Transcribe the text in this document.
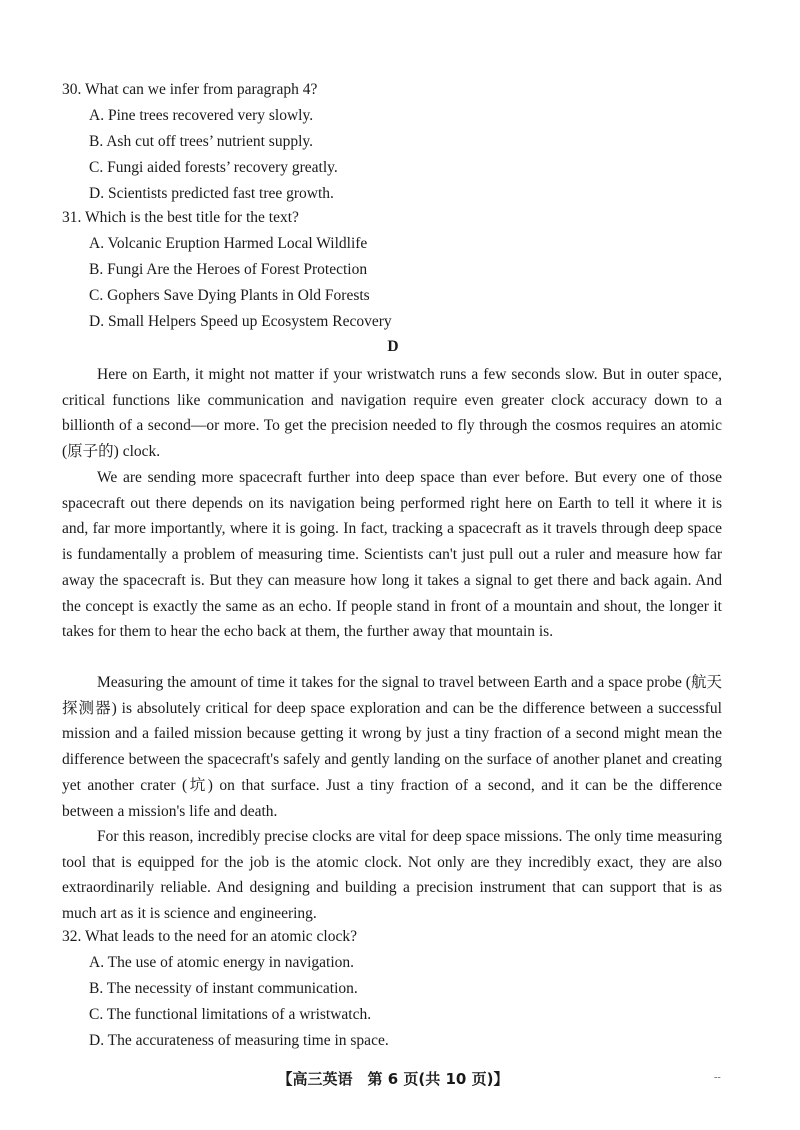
30. What can we infer from paragraph 4?
A. Pine trees recovered very slowly.
B. Ash cut off trees’ nutrient supply.
C. Fungi aided forests’ recovery greatly.
D. Scientists predicted fast tree growth.
31. Which is the best title for the text?
A. Volcanic Eruption Harmed Local Wildlife
B. Fungi Are the Heroes of Forest Protection
C. Gophers Save Dying Plants in Old Forests
D. Small Helpers Speed up Ecosystem Recovery
D
Here on Earth, it might not matter if your wristwatch runs a few seconds slow. But in outer space, critical functions like communication and navigation require even greater clock accuracy down to a billionth of a second—or more. To get the precision needed to fly through the cosmos requires an atomic (原子的) clock.
We are sending more spacecraft further into deep space than ever before. But every one of those spacecraft out there depends on its navigation being performed right here on Earth to tell it where it is and, far more importantly, where it is going. In fact, tracking a spacecraft as it travels through deep space is fundamentally a problem of measuring time. Scientists can't just pull out a ruler and measure how far away the spacecraft is. But they can measure how long it takes a signal to get there and back again. And the concept is exactly the same as an echo. If people stand in front of a mountain and shout, the longer it takes for them to hear the echo back at them, the further away that mountain is.
Measuring the amount of time it takes for the signal to travel between Earth and a space probe (航天探测器) is absolutely critical for deep space exploration and can be the difference between a successful mission and a failed mission because getting it wrong by just a tiny fraction of a second might mean the difference between the spacecraft's safely and gently landing on the surface of another planet and creating yet another crater (坑) on that surface. Just a tiny fraction of a second, and it can be the difference between a mission's life and death.
For this reason, incredibly precise clocks are vital for deep space missions. The only time measuring tool that is equipped for the job is the atomic clock. Not only are they incredibly exact, they are also extraordinarily reliable. And designing and building a precision instrument that can support that is as much art as it is science and engineering.
32. What leads to the need for an atomic clock?
A. The use of atomic energy in navigation.
B. The necessity of instant communication.
C. The functional limitations of a wristwatch.
D. The accurateness of measuring time in space.
【高三英语　第 6 页(共 10 页)】	--
